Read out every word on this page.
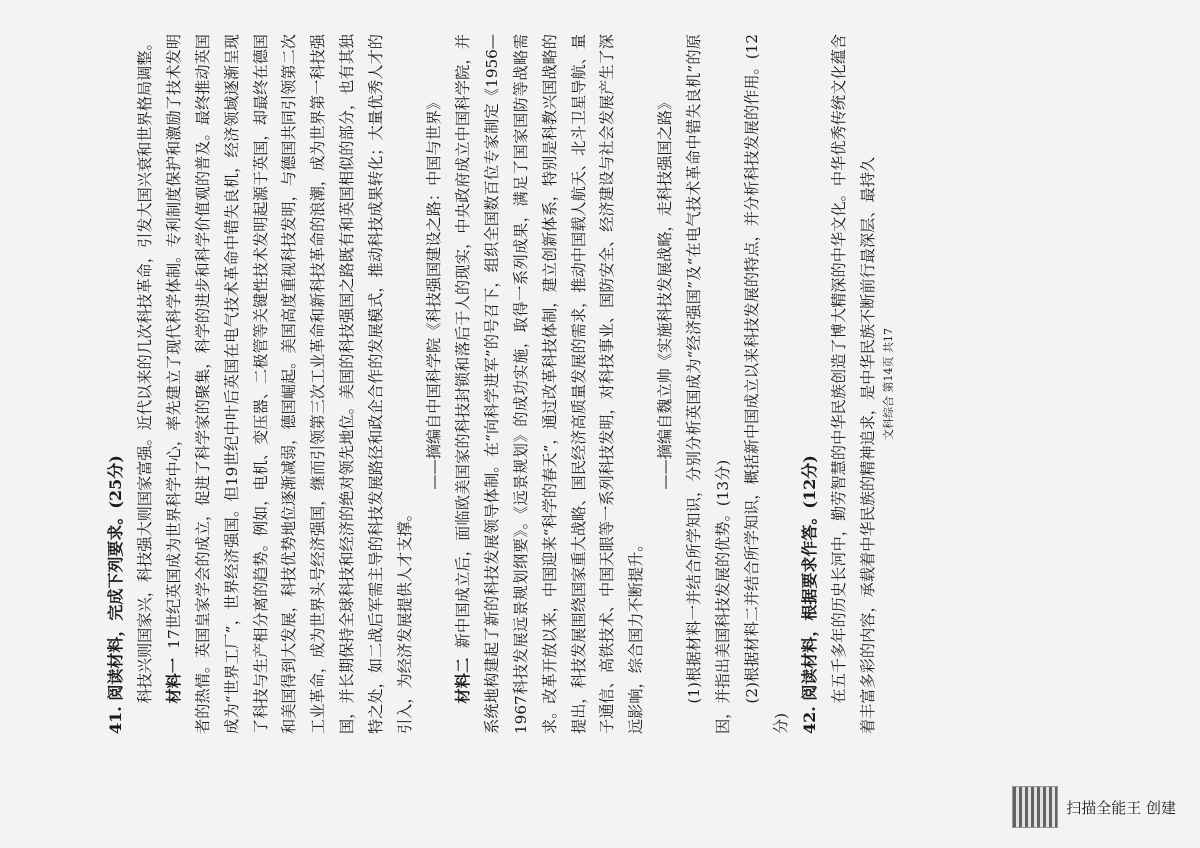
41. 阅读材料，完成下列要求。(25分) 科技兴则国家兴，科技强大则国家富强。近代以来的几次科技革命，引发大国兴衰和世界格局调整。 材料一17世纪英国成为世界科学中心，率先建立了现代科学体制。专利制度保护和激励了技术发明者的热情。英国皇家学会的成立，促进了科学家的聚集，科学的进步和科学价值观的普及。最终推动英国成为“世界工厂”，世界经济强国。但19世纪中叶后英国在电气技术革命中错失良机，经济领域逐渐呈现了科技与生产相分离的趋势。例如，电机、变压器、二极管等关键性技术发明起源于英国，却最终在德国和美国得到大发展，科技优势地位逐渐减弱，德国崛起。美国高度重视科技发明，与德国共同引领第二次工业革命，成为世界头号经济强国，继而引领第三次工业革命和新科技革命的浪潮，成为世界第一科技强国，并长期保持全球科技和经济的绝对领先地位。美国的科技强国之路既有和英国相似的部分，也有其独特之处，如二战后军需主导的科技发展路径和政企合作的发展模式，推动科技成果转化；大量优秀人才的引入，为经济发展提供人才支撑。

——摘编自中国科学院《科技强国建设之路：中国与世界》

材料二新中国成立后，面临欧美国家的科技封锁和落后于人的现实，中央政府成立中国科学院，并系统地构建起了新的科技发展领导体制。在“向科学进军”的号召下，组织全国数百位专家制定《1956—1967科技发展远景规划纲要》。《远景规划》的成功实施，取得一系列成果，满足了国家国防等战略需求。改革开放以来，中国迎来“科学的春天”，通过改革科技体制，建立创新体系，特别是科教兴国战略的提出，科技发展围绕国家重大战略、国民经济高质量发展的需求，推动中国载人航天、北斗卫星导航、量子通信、高铁技术、中国天眼等一系列科技发明，对科技事业、国防安全、经济建设与社会发展产生了深远影响，综合国力不断提升。

——摘编自魏立帅《实施科技发展战略，走科技强国之路》 (1)根据材料一并结合所学知识，分别分析英国成为“经济强国”及“在电气技术革命中错失良机”的原因，并指出美国科技发展的优势。(13分) (2)根据材料二并结合所学知识，概括新中国成立以来科技发展的特点，并分析科技发展的作用。(12分) 42. 阅读材料，根据要求作答。(12分) 在五千多年的历史长河中，勤劳智慧的中华民族创造了博大精深的中华文化。中华优秀传统文化蕴含着丰富多彩的内容，承载着中华民族的精神追求，是中华民族不断前行最深层、最持久 文科综合 第14页 共17

扫描全能王 创建
